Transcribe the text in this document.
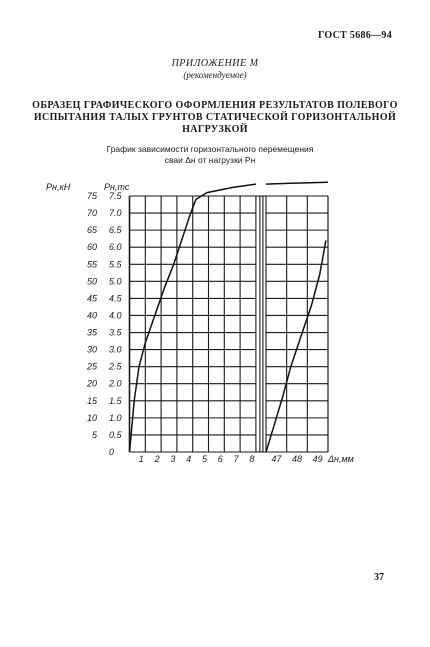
ГОСТ 5686—94
ПРИЛОЖЕНИЕ М
(рекомендуемое)
ОБРАЗЕЦ ГРАФИЧЕСКОГО ОФОРМЛЕНИЯ РЕЗУЛЬТАТОВ ПОЛЕВОГО
ИСПЫТАНИЯ ТАЛЫХ ГРУНТОВ СТАТИЧЕСКОЙ ГОРИЗОНТАЛЬНОЙ
НАГРУЗКОЙ
График зависимости горизонтального перемещения
сваи Δн от нагрузки Рн
75
70
65
60
55
50
45
40
35
30
25
20
15
10
5
7.5
7.0
6.5
6.0
5.5
5.0
4.5
4.0
3.5
3.0
2.5
2.0
1.5
1.0
0.5
0
1 2 3 4 5 6 7 8 47 48 49
Рн,кН	Рн,тс
Δн,мм
37
